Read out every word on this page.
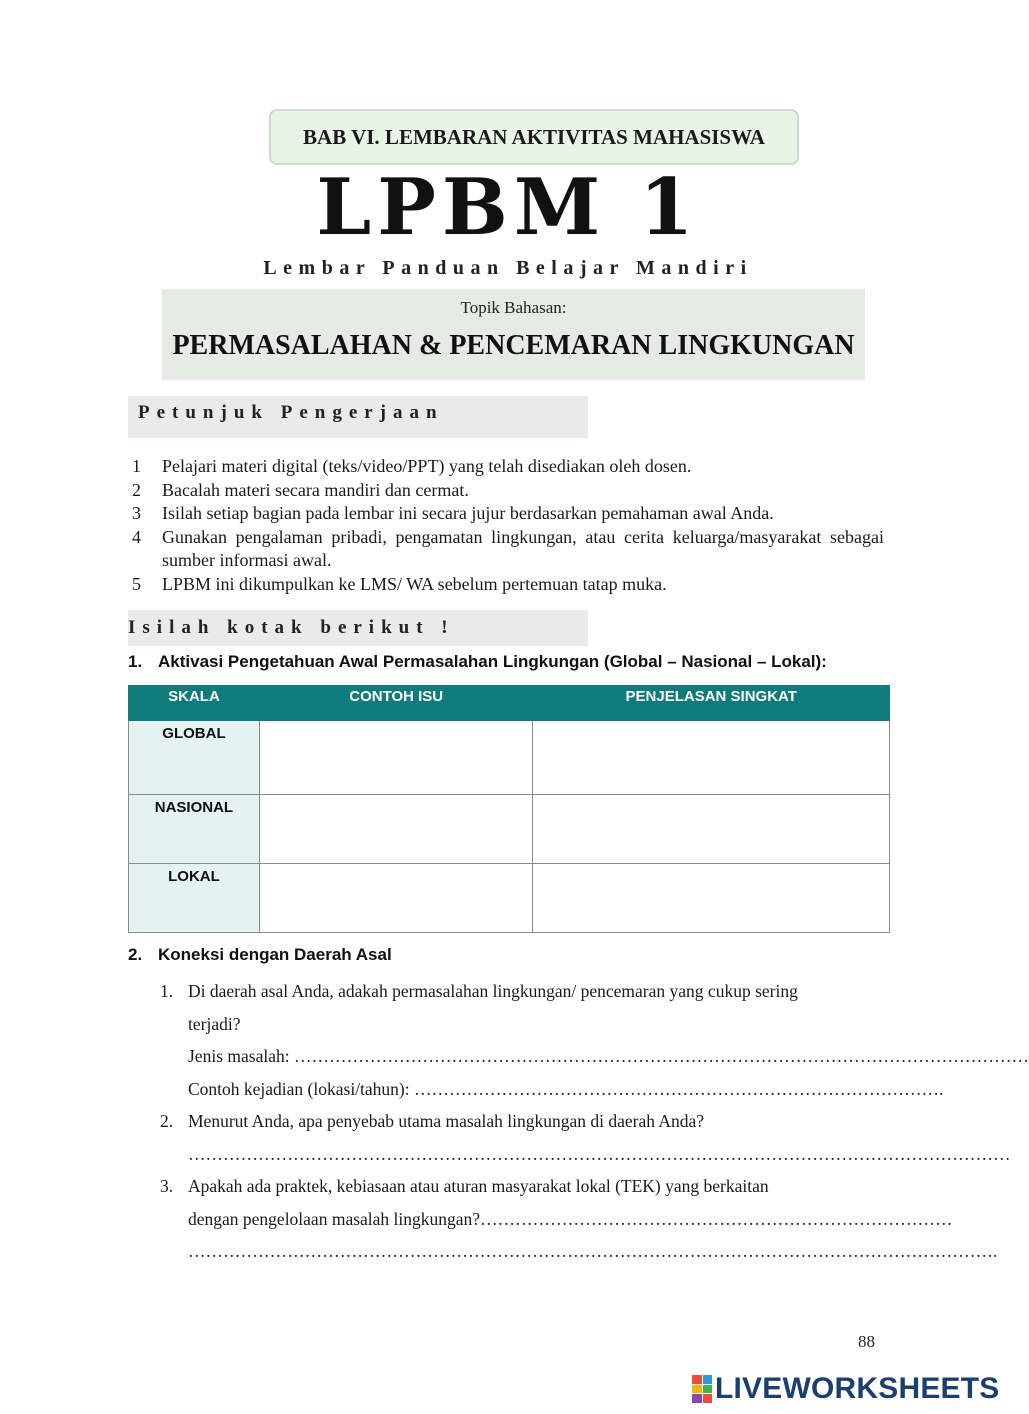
BAB VI. LEMBARAN AKTIVITAS MAHASISWA
LPBM 1
Lembar Panduan Belajar Mandiri
Topik Bahasan:
PERMASALAHAN & PENCEMARAN LINGKUNGAN
Petunjuk Pengerjaan
1	Pelajari materi digital (teks/video/PPT) yang telah disediakan oleh dosen.
2	Bacalah materi secara mandiri dan cermat.
3	Isilah setiap bagian pada lembar ini secara jujur berdasarkan pemahaman awal Anda.
4	Gunakan pengalaman pribadi, pengamatan lingkungan, atau cerita keluarga/masyarakat sebagai sumber informasi awal.
5	LPBM ini dikumpulkan ke LMS/ WA sebelum pertemuan tatap muka.
Isilah kotak berikut !
1. Aktivasi Pengetahuan Awal Permasalahan Lingkungan (Global – Nasional – Lokal):
SKALA	CONTOH ISU	PENJELASAN SINGKAT
GLOBAL		
NASIONAL		
LOKAL		
2. Koneksi dengan Daerah Asal
1. Di daerah asal Anda, adakah permasalahan lingkungan/ pencemaran yang cukup sering
terjadi?
Jenis masalah: ………………………………………………………………………………………………………………
Contoh kejadian (lokasi/tahun): ……………………………………………………………………………….
2. Menurut Anda, apa penyebab utama masalah lingkungan di daerah Anda?
……………………………………………………………………………………………………………………………
3. Apakah ada praktek, kebiasaan atau aturan masyarakat lokal (TEK) yang berkaitan
dengan pengelolaan masalah lingkungan?………………………………………………………………………
………………………………………………………………………………………………………………………….
88
LIVEWORKSHEETS
